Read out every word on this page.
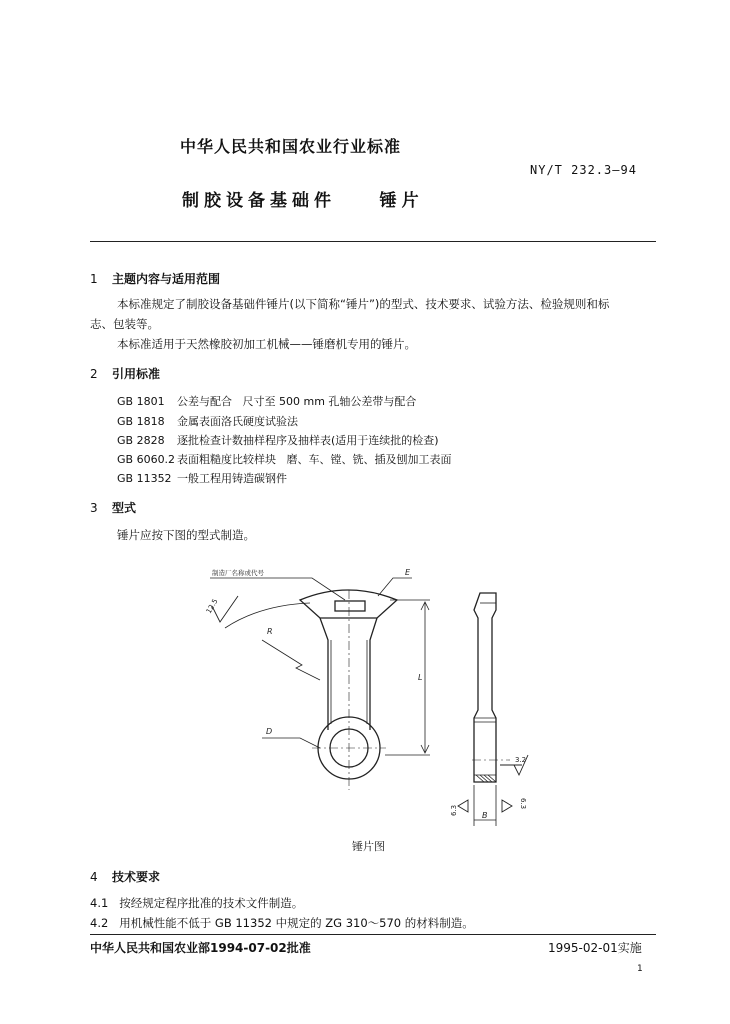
中华人民共和国农业行业标准
NY/T 232.3—94
制胶设备基础件    锤片
1 主题内容与适用范围
本标准规定了制胶设备基础件锤片(以下简称“锤片”)的型式、技术要求、试验方法、检验规则和标
志、包装等。
本标准适用于天然橡胶初加工机械——锤磨机专用的锤片。
2 引用标准
GB 1801 公差与配合   尺寸至 500 mm 孔轴公差带与配合
GB 1818 金属表面洛氏硬度试验法
GB 2828 逐批检查计数抽样程序及抽样表(适用于连续批的检查)
GB 6060.2 表面粗糙度比较样块   磨、车、镗、铣、插及刨加工表面
GB 11352 一般工程用铸造碳钢件
3 型式
锤片应按下图的型式制造。
制造厂名称或代号	E
R
L
D
B
12.5
3.2
6.3
6.3
锤片图
4 技术要求
4.1   按经规定程序批准的技术文件制造。
4.2   用机械性能不低于 GB 11352 中规定的 ZG 310～570 的材料制造。
中华人民共和国农业部1994-07-02批准	1995-02-01实施
1
